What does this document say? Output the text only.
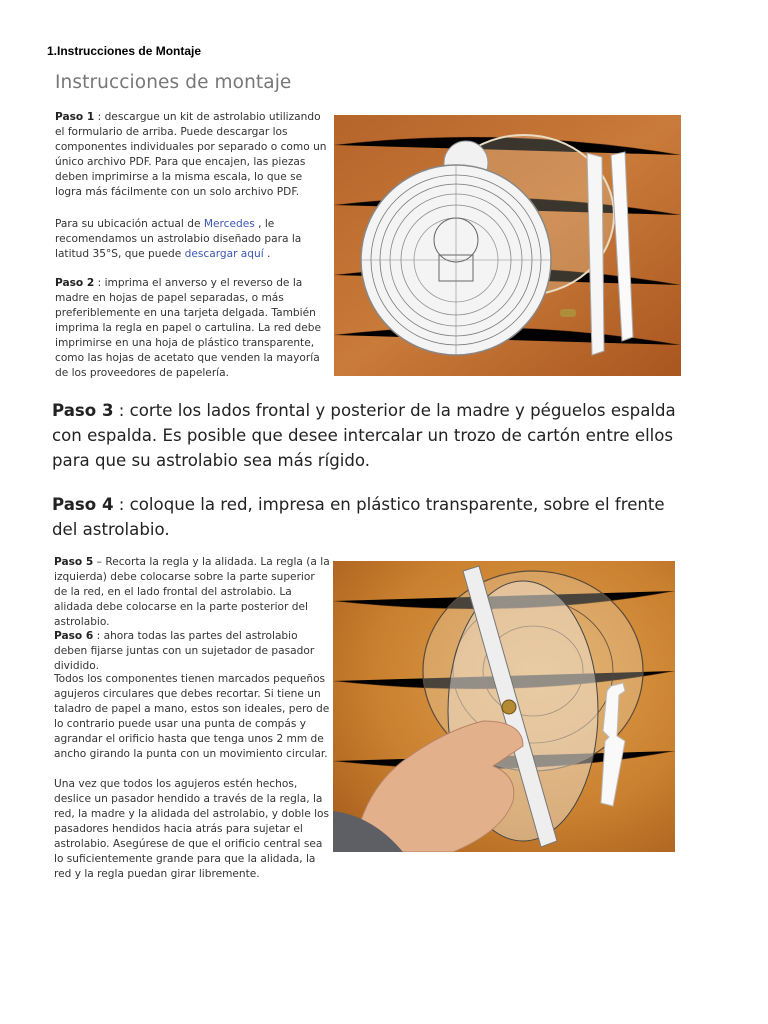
1.Instrucciones de Montaje
Instrucciones de montaje
Paso 1 : descargue un kit de astrolabio utilizando el formulario de arriba. Puede descargar los componentes individuales por separado o como un único archivo PDF. Para que encajen, las piezas deben imprimirse a la misma escala, lo que se logra más fácilmente con un solo archivo PDF.
Para su ubicación actual de Mercedes , le recomendamos un astrolabio diseñado para la latitud 35°S, que puede descargar aquí .
Paso 2 : imprima el anverso y el reverso de la madre en hojas de papel separadas, o más preferiblemente en una tarjeta delgada. También imprima la regla en papel o cartulina. La red debe imprimirse en una hoja de plástico transparente, como las hojas de acetato que venden la mayoría de los proveedores de papelería.
Paso 3 : corte los lados frontal y posterior de la madre y péguelos espalda con espalda. Es posible que desee intercalar un trozo de cartón entre ellos para que su astrolabio sea más rígido.
Paso 4 : coloque la red, impresa en plástico transparente, sobre el frente del astrolabio.
Paso 5 – Recorta la regla y la alidada. La regla (a la izquierda) debe colocarse sobre la parte superior de la red, en el lado frontal del astrolabio. La alidada debe colocarse en la parte posterior del astrolabio.
Paso 6 : ahora todas las partes del astrolabio deben fijarse juntas con un sujetador de pasador dividido.
Todos los componentes tienen marcados pequeños agujeros circulares que debes recortar. Si tiene un taladro de papel a mano, estos son ideales, pero de lo contrario puede usar una punta de compás y agrandar el orificio hasta que tenga unos 2 mm de ancho girando la punta con un movimiento circular.
Una vez que todos los agujeros estén hechos, deslice un pasador hendido a través de la regla, la red, la madre y la alidada del astrolabio, y doble los pasadores hendidos hacia atrás para sujetar el astrolabio. Asegúrese de que el orificio central sea lo suficientemente grande para que la alidada, la red y la regla puedan girar libremente.
